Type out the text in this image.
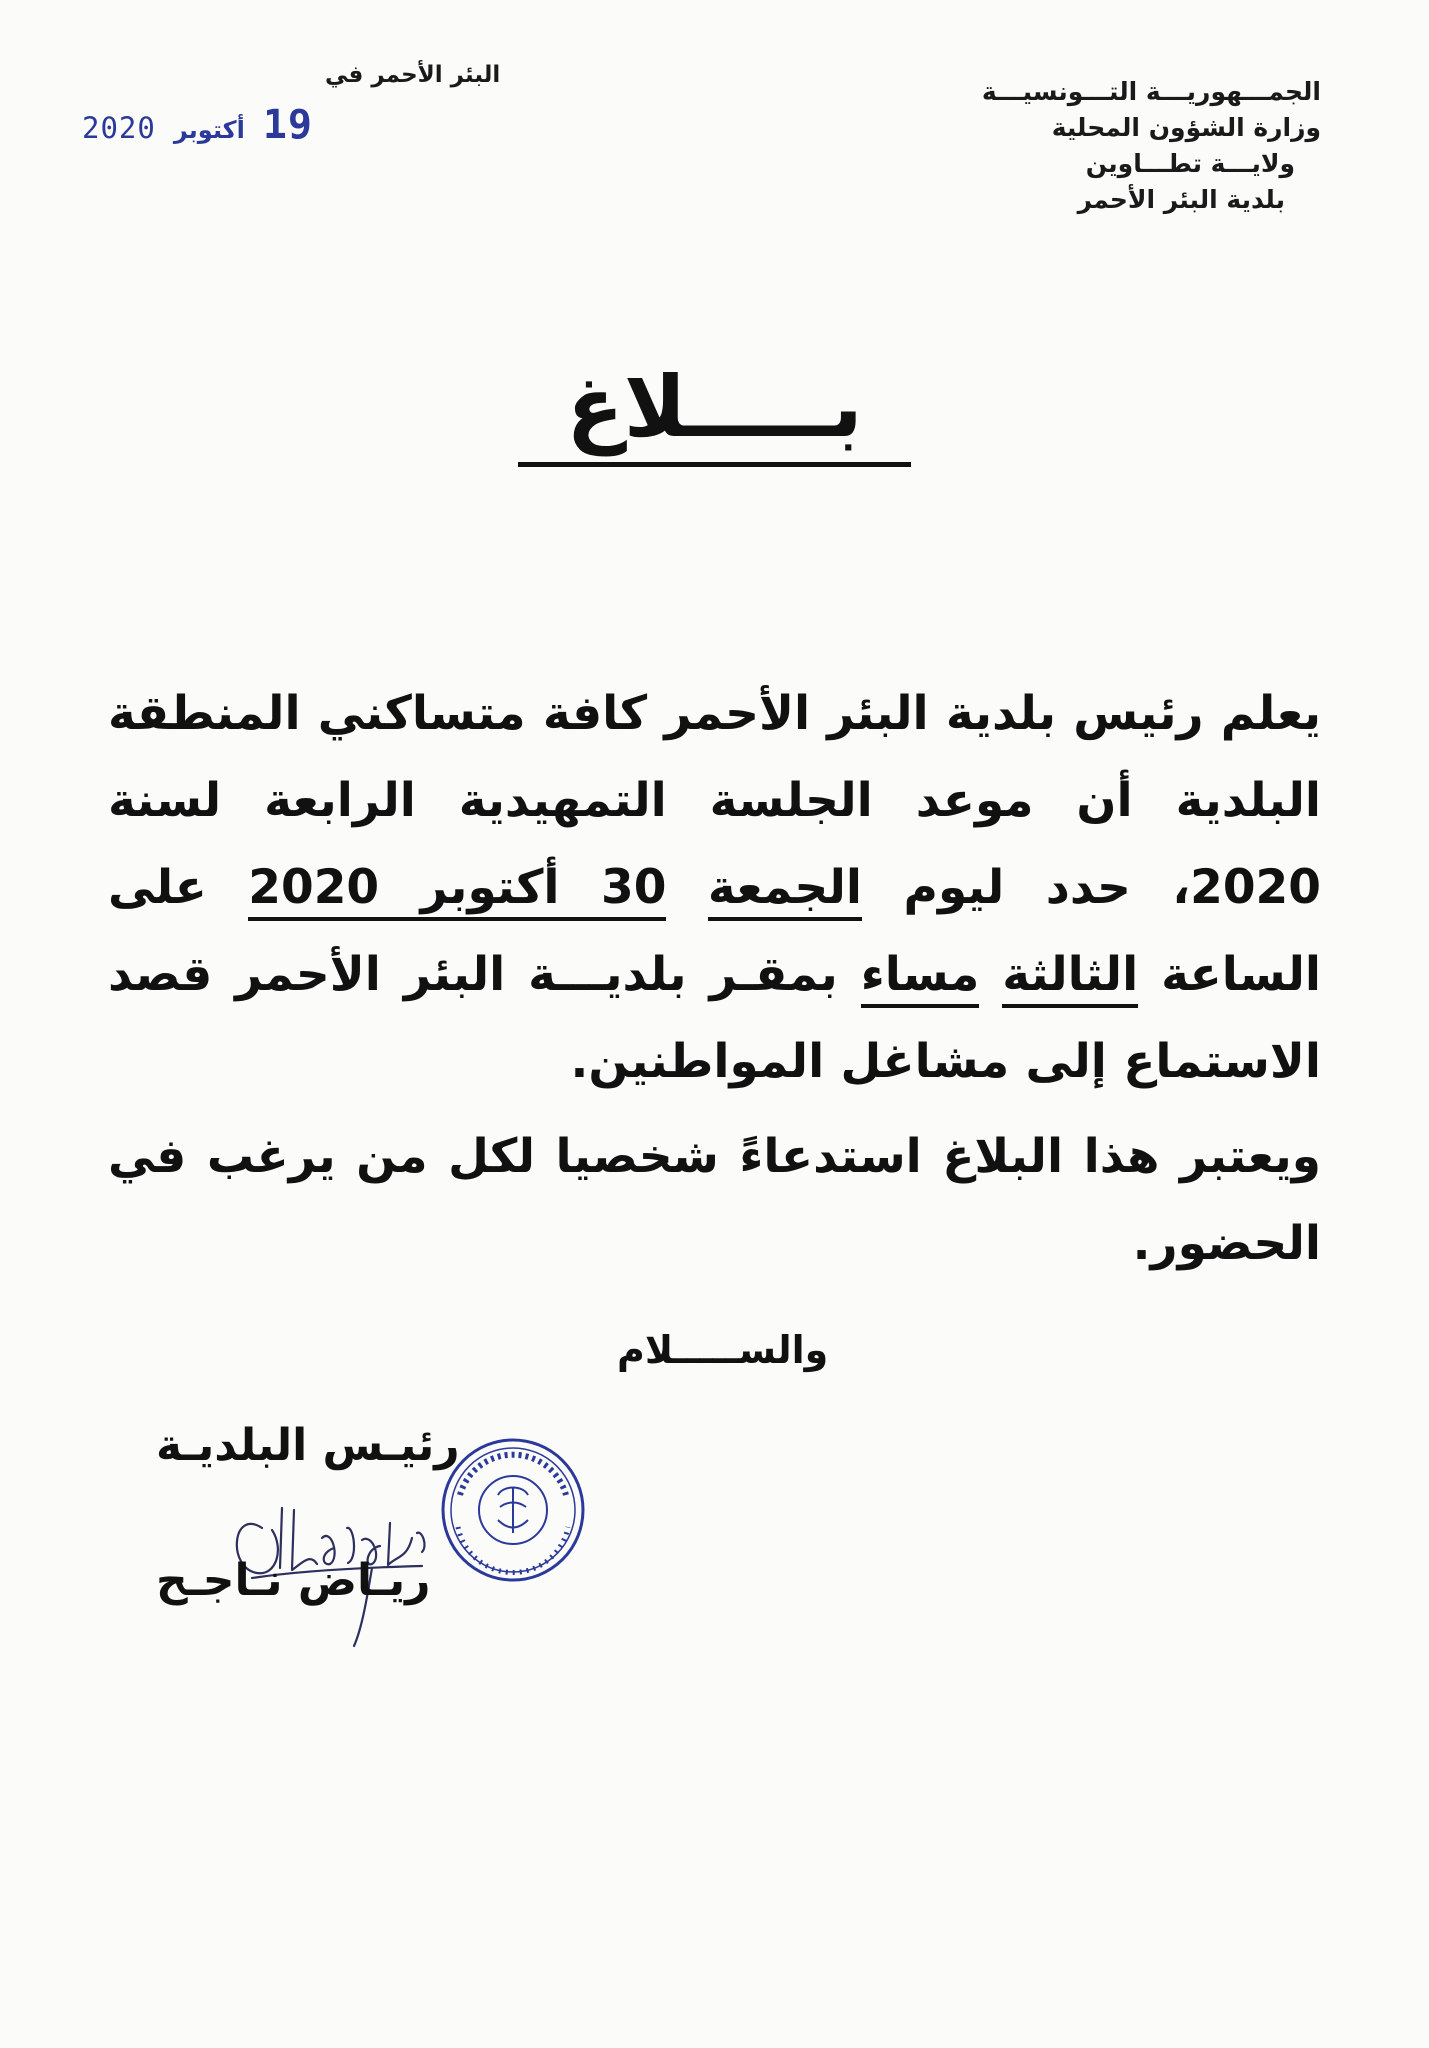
الجمـــهوريـــة التـــونسيـــة
وزارة الشؤون المحلية
ولايـــة تطـــاوين
بلدية البئر الأحمر
البئر الأحمر في
2020 أكتوبر 19
بـــــلاغ

يعلم رئيس بلدية البئر الأحمر كافة متساكني المنطقة البلدية أن موعد الجلسة التمهيدية الرابعة لسنة 2020، حدد ليوم الجمعة 30 أكتوبر 2020 على الساعة الثالثة مساء بمقـر بلديـــة البئر الأحمر قصد الاستماع إلى مشاغل المواطنين.

ويعتبر هذا البلاغ استدعاءً شخصيا لكل من يرغب في الحضور.

والســـــلام
رئيـس البلديـة
ريـاض نـاجـح
